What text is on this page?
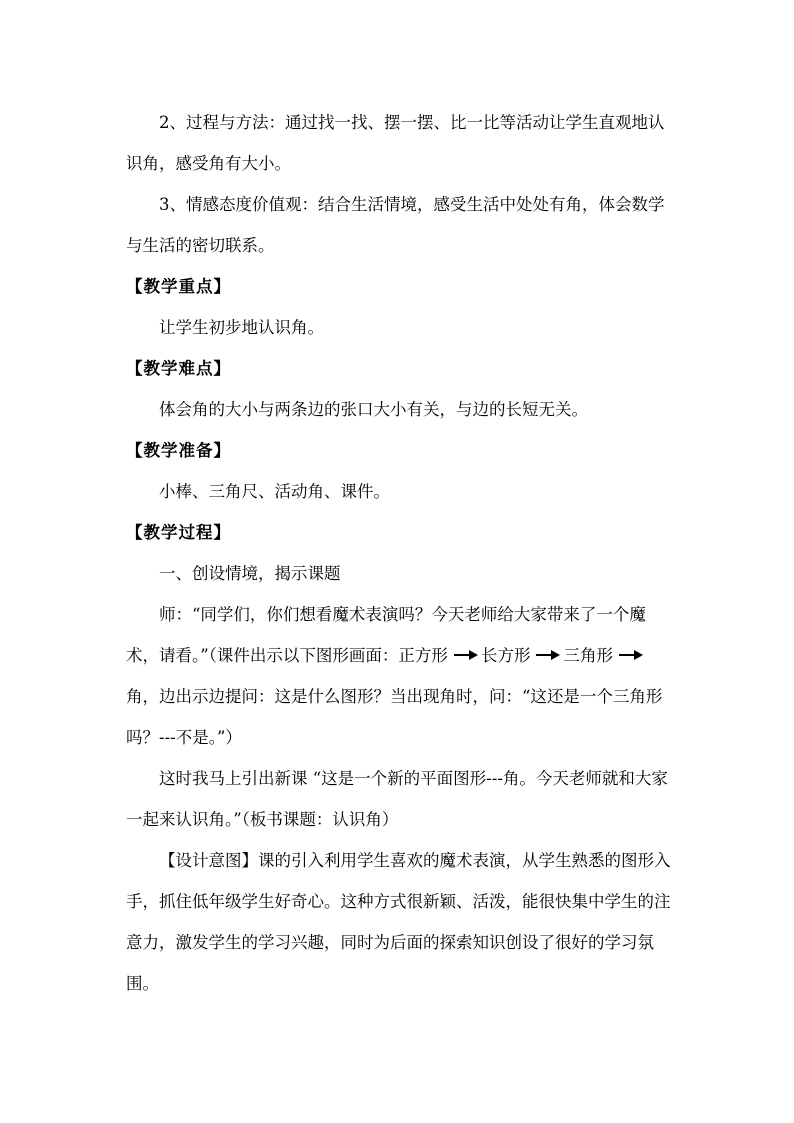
2、过程与方法：通过找一找、摆一摆、比一比等活动让学生直观地认识角，感受角有大小。

3、情感态度价值观：结合生活情境，感受生活中处处有角，体会数学与生活的密切联系。

【教学重点】

让学生初步地认识角。

【教学难点】

体会角的大小与两条边的张口大小有关，与边的长短无关。

【教学准备】

小棒、三角尺、活动角、课件。

【教学过程】

一、创设情境，揭示课题

师：“同学们，你们想看魔术表演吗？今天老师给大家带来了一个魔术，请看。”（课件出示以下图形画面：正方形 长方形 三角形角，边出示边提问：这是什么图形？当出现角时，问：“这还是一个三角形吗？---不是。”）

这时我马上引出新课 “这是一个新的平面图形---角。今天老师就和大家一起来认识角。”（板书课题：认识角）

【设计意图】课的引入利用学生喜欢的魔术表演，从学生熟悉的图形入手，抓住低年级学生好奇心。这种方式很新颖、活泼，能很快集中学生的注意力，激发学生的学习兴趣，同时为后面的探索知识创设了很好的学习氛围。
